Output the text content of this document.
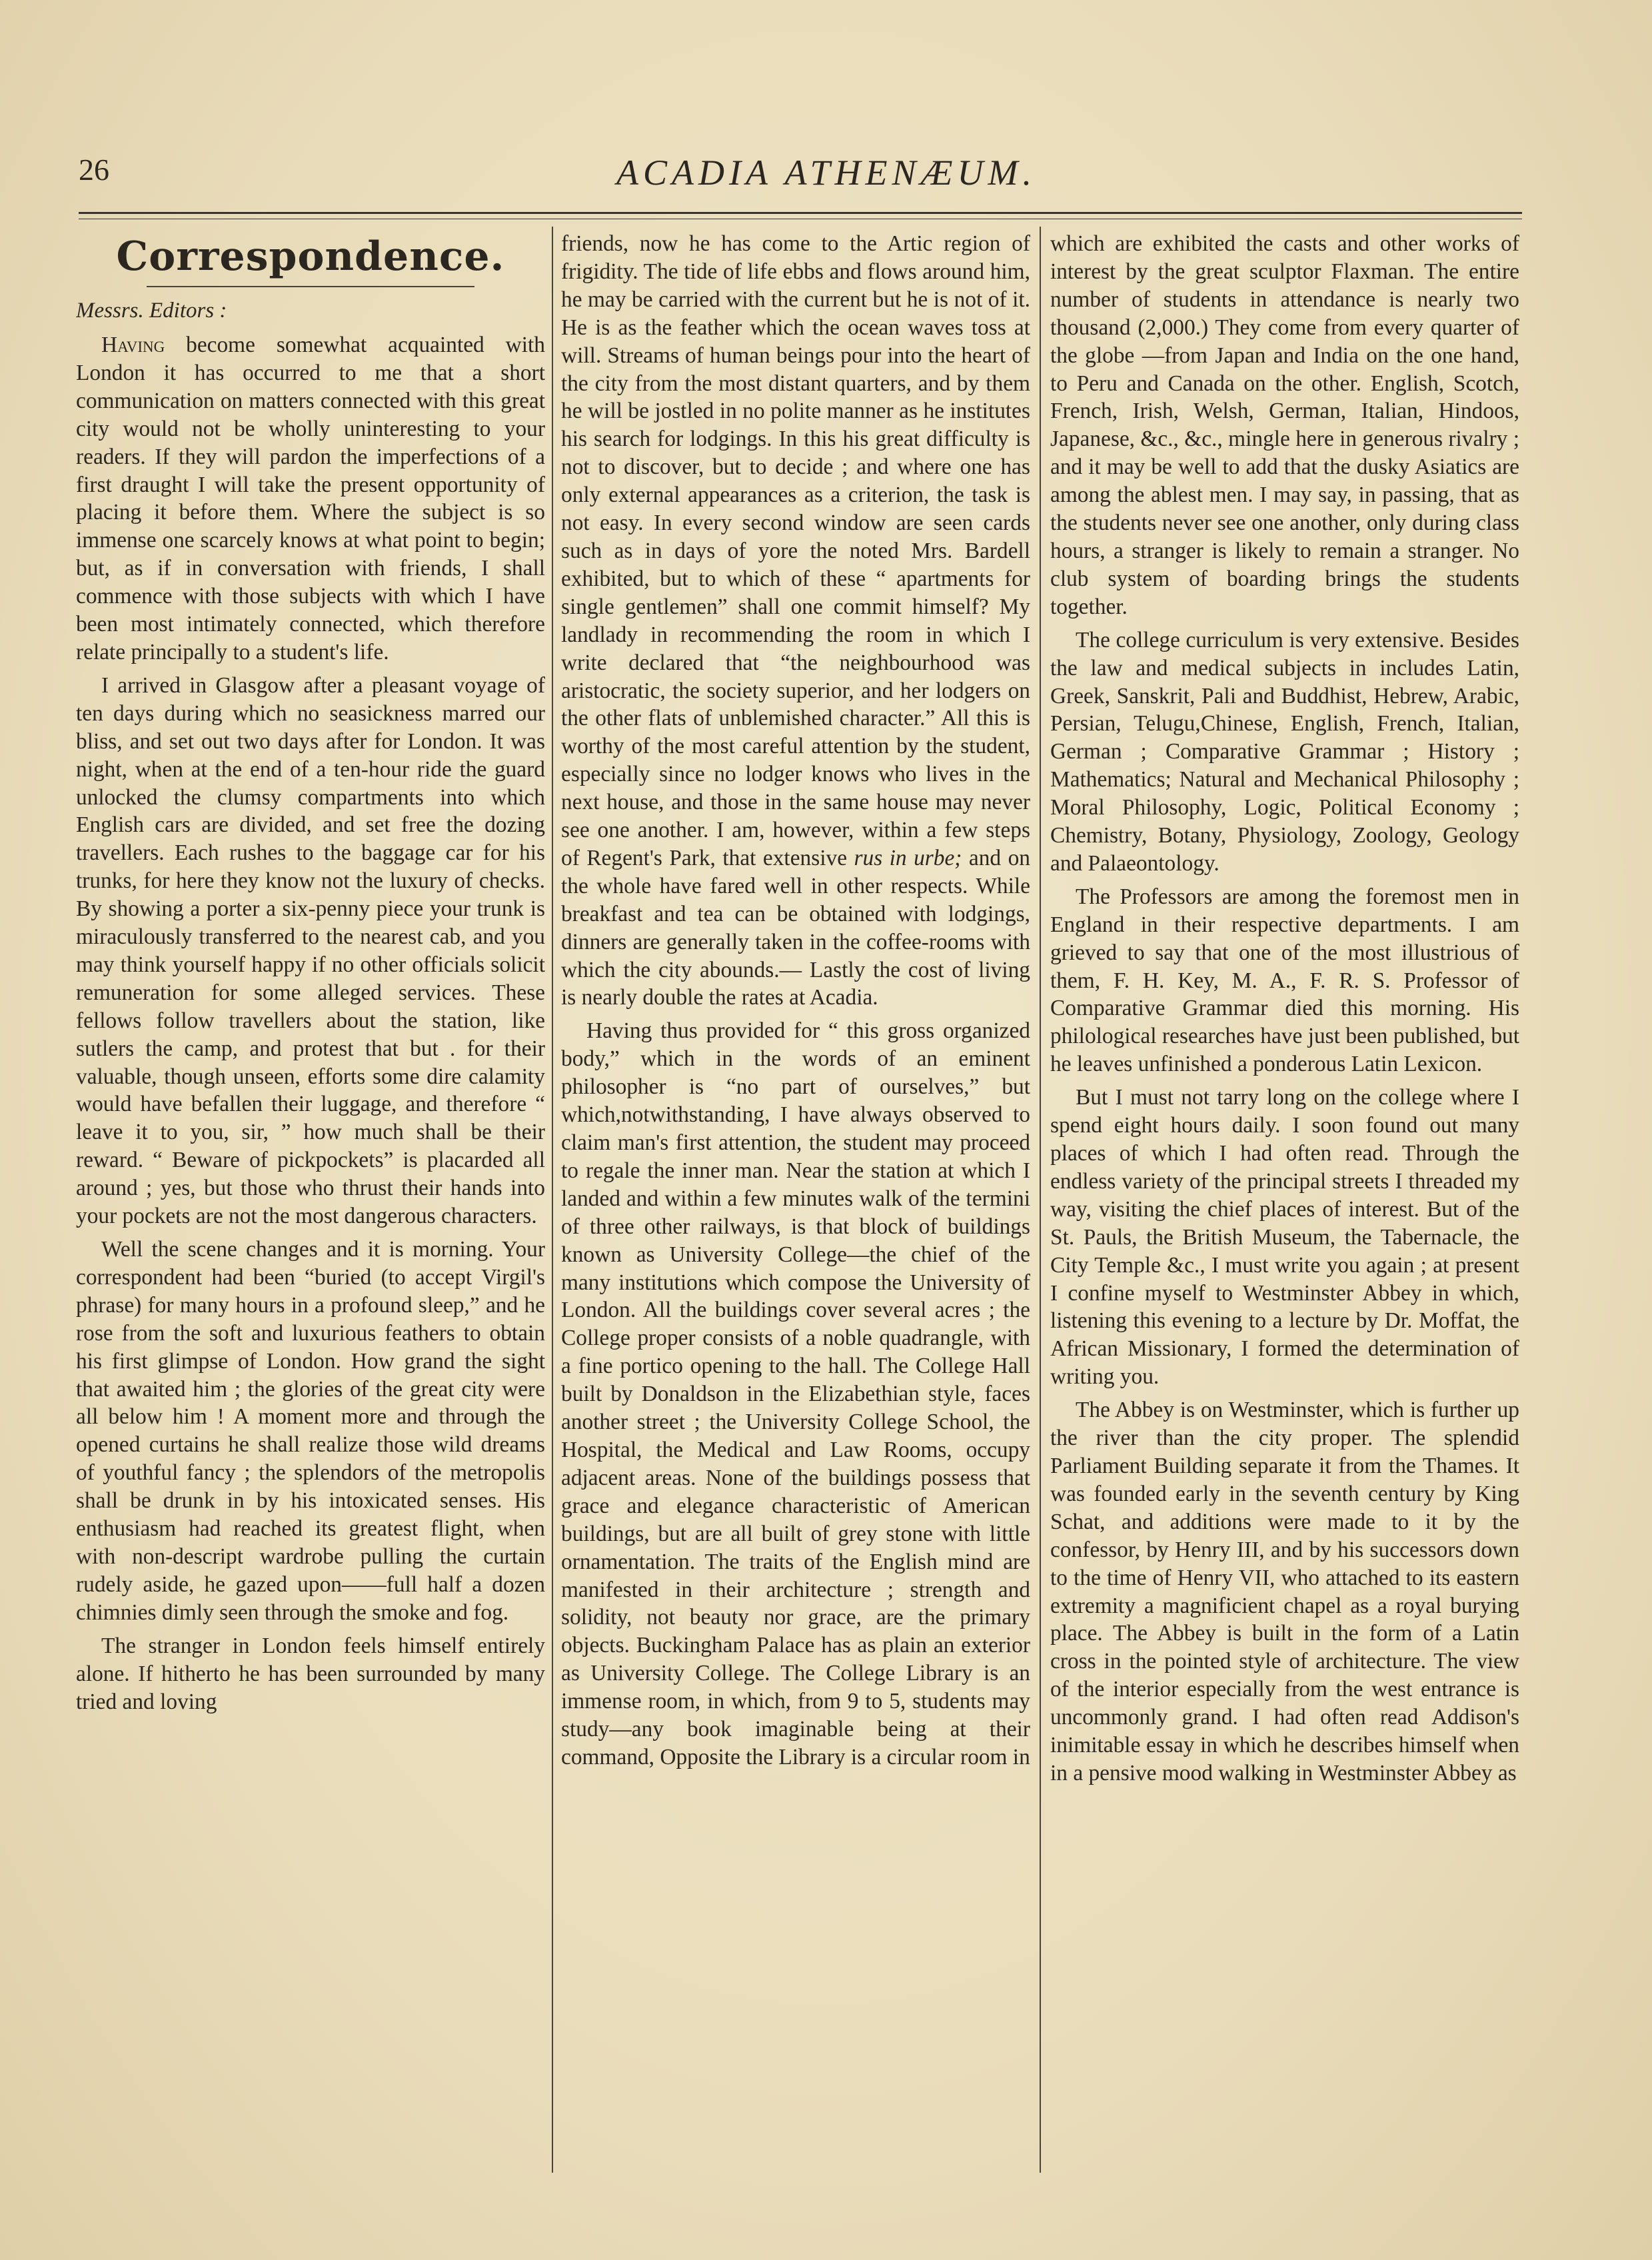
26	ACADIA ATHENÆUM.
Correspondence.

Messrs. Editors :

Having become somewhat acquainted with London it has occurred to me that a short communication on matters connected with this great city would not be wholly uninteresting to your readers. If they will pardon the imperfections of a first draught I will take the present opportunity of placing it before them. Where the subject is so immense one scarcely knows at what point to begin; but, as if in conversation with friends, I shall commence with those subjects with which I have been most intimately connected, which therefore relate principally to a student's life.

I arrived in Glasgow after a pleasant voyage of ten days during which no seasickness marred our bliss, and set out two days after for London. It was night, when at the end of a ten-hour ride the guard unlocked the clumsy compartments into which English cars are divided, and set free the dozing travellers. Each rushes to the baggage car for his trunks, for here they know not the luxury of checks. By showing a porter a six-penny piece your trunk is miraculously transferred to the nearest cab, and you may think yourself happy if no other officials solicit remuneration for some alleged services. These fellows follow travellers about the station, like sutlers the camp, and protest that but . for their valuable, though unseen, efforts some dire calamity would have befallen their luggage, and therefore “ leave it to you, sir, ” how much shall be their reward. “ Beware of pickpockets” is placarded all around ; yes, but those who thrust their hands into your pockets are not the most dangerous characters.

Well the scene changes and it is morning. Your correspondent had been “buried (to accept Virgil's phrase) for many hours in a profound sleep,” and he rose from the soft and luxurious feathers to obtain his first glimpse of London. How grand the sight that awaited him ; the glories of the great city were all below him ! A moment more and through the opened curtains he shall realize those wild dreams of youthful fancy ; the splendors of the metropolis shall be drunk in by his intoxicated senses. His enthusiasm had reached its greatest flight, when with non-descript wardrobe pulling the curtain rudely aside, he gazed upon——full half a dozen chimnies dimly seen through the smoke and fog.

The stranger in London feels himself entirely alone. If hitherto he has been surrounded by many tried and loving

friends, now he has come to the Artic region of frigidity. The tide of life ebbs and flows around him, he may be carried with the current but he is not of it. He is as the feather which the ocean waves toss at will. Streams of human beings pour into the heart of the city from the most distant quarters, and by them he will be jostled in no polite manner as he institutes his search for lodgings. In this his great difficulty is not to discover, but to decide ; and where one has only external appearances as a criterion, the task is not easy. In every second window are seen cards such as in days of yore the noted Mrs. Bardell exhibited, but to which of these “ apartments for single gentlemen” shall one commit himself? My landlady in recommending the room in which I write declared that “the neighbourhood was aristocratic, the society superior, and her lodgers on the other flats of unblemished character.” All this is worthy of the most careful attention by the student, especially since no lodger knows who lives in the next house, and those in the same house may never see one another. I am, however, within a few steps of Regent's Park, that extensive rus in urbe; and on the whole have fared well in other respects. While breakfast and tea can be obtained with lodgings, dinners are generally taken in the coffee-rooms with which the city abounds.— Lastly the cost of living is nearly double the rates at Acadia.

Having thus provided for “ this gross organized body,” which in the words of an eminent philosopher is “no part of ourselves,” but which,notwithstanding, I have always observed to claim man's first attention, the student may proceed to regale the inner man. Near the station at which I landed and within a few minutes walk of the termini of three other railways, is that block of buildings known as University College—the chief of the many institutions which compose the University of London. All the buildings cover several acres ; the College proper consists of a noble quadrangle, with a fine portico opening to the hall. The College Hall built by Donaldson in the Elizabethian style, faces another street ; the University College School, the Hospital, the Medical and Law Rooms, occupy adjacent areas. None of the buildings possess that grace and elegance characteristic of American buildings, but are all built of grey stone with little ornamentation. The traits of the English mind are manifested in their architecture ; strength and solidity, not beauty nor grace, are the primary objects. Buckingham Palace has as plain an exterior as University College. The College Library is an immense room, in which, from 9 to 5, students may study—any book imaginable being at their command, Opposite the Library is a circular room in

which are exhibited the casts and other works of interest by the great sculptor Flaxman. The entire number of students in attendance is nearly two thousand (2,000.) They come from every quarter of the globe —from Japan and India on the one hand, to Peru and Canada on the other. English, Scotch, French, Irish, Welsh, German, Italian, Hindoos, Japanese, &c., &c., mingle here in generous rivalry ; and it may be well to add that the dusky Asiatics are among the ablest men. I may say, in passing, that as the students never see one another, only during class hours, a stranger is likely to remain a stranger. No club system of boarding brings the students together.

The college curriculum is very extensive. Besides the law and medical subjects in includes Latin, Greek, Sanskrit, Pali and Buddhist, Hebrew, Arabic, Persian, Telugu,Chinese, English, French, Italian, German ; Comparative Grammar ; History ; Mathematics; Natural and Mechanical Philosophy ; Moral Philosophy, Logic, Political Economy ; Chemistry, Botany, Physiology, Zoology, Geology and Palaeontology.

The Professors are among the foremost men in England in their respective departments. I am grieved to say that one of the most illustrious of them, F. H. Key, M. A., F. R. S. Professor of Comparative Grammar died this morning. His philological researches have just been published, but he leaves unfinished a ponderous Latin Lexicon.

But I must not tarry long on the college where I spend eight hours daily. I soon found out many places of which I had often read. Through the endless variety of the principal streets I threaded my way, visiting the chief places of interest. But of the St. Pauls, the British Museum, the Tabernacle, the City Temple &c., I must write you again ; at present I confine myself to Westminster Abbey in which, listening this evening to a lecture by Dr. Moffat, the African Missionary, I formed the determination of writing you.

The Abbey is on Westminster, which is further up the river than the city proper. The splendid Parliament Building separate it from the Thames. It was founded early in the seventh century by King Schat, and additions were made to it by the confessor, by Henry III, and by his successors down to the time of Henry VII, who attached to its eastern extremity a magnificient chapel as a royal burying place. The Abbey is built in the form of a Latin cross in the pointed style of architecture. The view of the interior especially from the west entrance is uncommonly grand. I had often read Addison's inimitable essay in which he describes himself when in a pensive mood walking in Westminster Abbey as
